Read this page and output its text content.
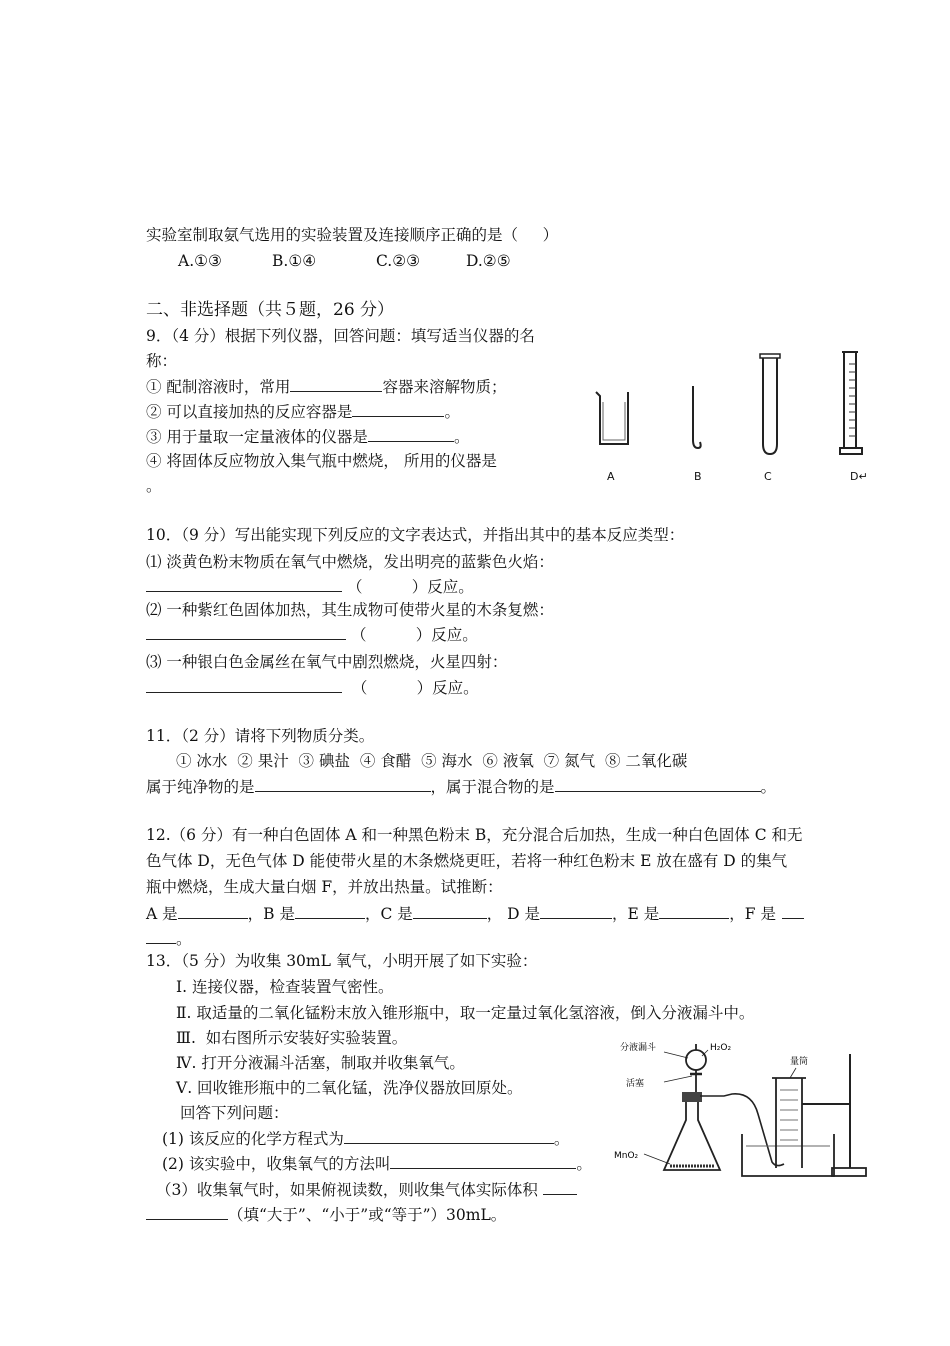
实验室制取氨气选用的实验装置及连接顺序正确的是（     ）
A.①③	B.①④	C.②③	D.②⑤
二、非选择题（共５题，26 分）
9．（4 分）根据下列仪器，回答问题：填写适当仪器的名
称：
① 配制溶液时，常用	容器来溶解物质；
② 可以直接加热的反应容器是	。
③ 用于量取一定量液体的仪器是	。
④ 将固体反应物放入集气瓶中燃烧， 所用的仪器是
。
A	B	C	D↵
10．（9 分）写出能实现下列反应的文字表达式，并指出其中的基本反应类型：
⑴ 淡黄色粉末物质在氧气中燃烧，发出明亮的蓝紫色火焰：
（          ）反应。
⑵ 一种紫红色固体加热，其生成物可使带火星的木条复燃：
（          ）反应。
⑶ 一种银白色金属丝在氧气中剧烈燃烧，火星四射：
（          ）反应。
11．（2 分）请将下列物质分类。
① 冰水  ② 果汁  ③ 碘盐  ④ 食醋  ⑤ 海水  ⑥ 液氧  ⑦ 氮气  ⑧ 二氧化碳
属于纯净物的是	，属于混合物的是	。
12.（6 分）有一种白色固体 A 和一种黑色粉末 B，充分混合后加热，生成一种白色固体 C 和无
色气体 D，无色气体 D 能使带火星的木条燃烧更旺，若将一种红色粉末 E 放在盛有 D 的集气
瓶中燃烧，生成大量白烟 F，并放出热量。试推断：
A 是	，B 是	，C 是	， D 是	，E 是	，F 是
。
13．（5 分）为收集 30mL 氧气，小明开展了如下实验：
Ⅰ. 连接仪器，检查装置气密性。
Ⅱ. 取适量的二氧化锰粉末放入锥形瓶中，取一定量过氧化氢溶液，倒入分液漏斗中。
Ⅲ.  如右图所示安装好实验装置。
Ⅳ. 打开分液漏斗活塞，制取并收集氧气。
Ⅴ. 回收锥形瓶中的二氧化锰，洗净仪器放回原处。
回答下列问题：
(1) 该反应的化学方程式为	。
(2) 该实验中，收集氧气的方法叫	。
（3）收集氧气时，如果俯视读数，则收集气体实际体积
（填“大于”、“小于”或“等于”）30mL。
分液漏斗	H₂O₂
活塞
量筒
MnO₂
